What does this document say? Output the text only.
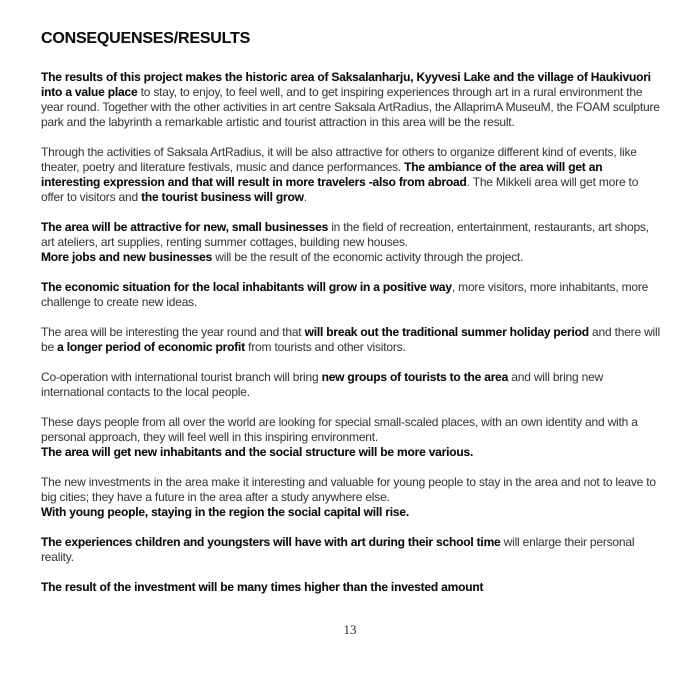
CONSEQUENSES/RESULTS

The results of this project makes the historic area of Saksalanharju, Kyyvesi Lake and the village of Haukivuori into a value place to stay, to enjoy, to feel well, and to get inspiring experiences through art in a rural environment the year round. Together with the other activities in art centre Saksala ArtRadius, the AllaprimA MuseuM, the FOAM sculpture park and the labyrinth a remarkable artistic and tourist attraction in this area will be the result.

Through the activities of Saksala ArtRadius, it will be also attractive for others to organize different kind of events, like theater, poetry and literature festivals, music and dance performances. The ambiance of the area will get an interesting expression and that will result in more travelers -also from abroad. The Mikkeli area will get more to offer to visitors and the tourist business will grow.

The area will be attractive for new, small businesses in the field of recreation, entertainment, restaurants, art shops, art ateliers, art supplies, renting summer cottages, building new houses.
More jobs and new businesses will be the result of the economic activity through the project.

The economic situation for the local inhabitants will grow in a positive way, more visitors, more inhabitants, more challenge to create new ideas.

The area will be interesting the year round and that will break out the traditional summer holiday period and there will be a longer period of economic profit from tourists and other visitors.

Co-operation with international tourist branch will bring new groups of tourists to the area and will bring new international contacts to the local people.

These days people from all over the world are looking for special small-scaled places, with an own identity and with a personal approach, they will feel well in this inspiring environment.
The area will get new inhabitants and the social structure will be more various.

The new investments in the area make it interesting and valuable for young people to stay in the area and not to leave to big cities; they have a future in the area after a study anywhere else.
With young people, staying in the region the social capital will rise.

The experiences children and youngsters will have with art during their school time will enlarge their personal reality.

The result of the investment will be many times higher than the invested amount

13
